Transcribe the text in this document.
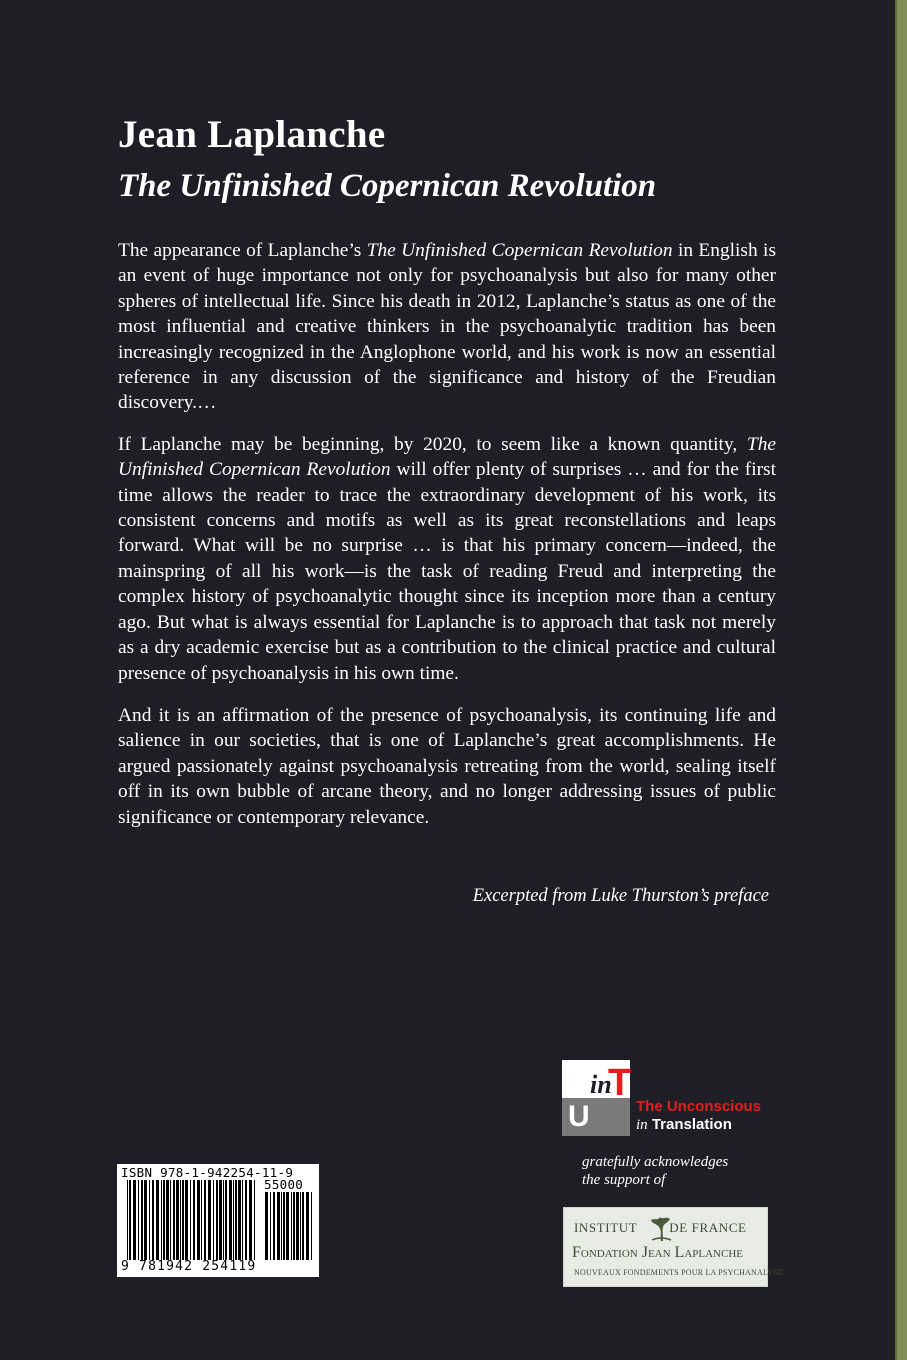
Jean Laplanche
The Unfinished Copernican Revolution

The appearance of Laplanche’s The Unfinished Copernican Revolution in English is an event of huge importance not only for psychoanalysis but also for many other spheres of intellectual life. Since his death in 2012, Laplanche’s status as one of the most influential and creative thinkers in the psychoanalytic tradition has been increasingly recognized in the Anglophone world, and his work is now an essential reference in any discussion of the significance and history of the Freudian discovery.…

If Laplanche may be beginning, by 2020, to seem like a known quantity, The Unfinished Copernican Revolution will offer plenty of surprises … and for the first time allows the reader to trace the extraordinary development of his work, its consistent concerns and motifs as well as its great reconstellations and leaps forward. What will be no surprise … is that his primary concern—indeed, the mainspring of all his work—is the task of reading Freud and interpreting the complex history of psychoanalytic thought since its inception more than a century ago. But what is always essential for Laplanche is to approach that task not merely as a dry academic exercise but as a contribution to the clinical practice and cultural presence of psychoanalysis in his own time.

And it is an affirmation of the presence of psychoanalysis, its continuing life and salience in our societies, that is one of Laplanche’s great accomplishments. He argued passionately against psychoanalysis retreating from the world, sealing itself off in its own bubble of arcane theory, and no longer addressing issues of public significance or contemporary relevance.

Excerpted from Luke Thurston’s preface

U
in
T
The Unconscious
in Translation
gratefully acknowledges
the support of
INSTITUT DE FRANCE
Fondation Jean Laplanche
NOUVEAUX FONDEMENTS POUR LA PSYCHANALYSE
ISBN 978-1-942254-11-9
55000
9 781942 254119
